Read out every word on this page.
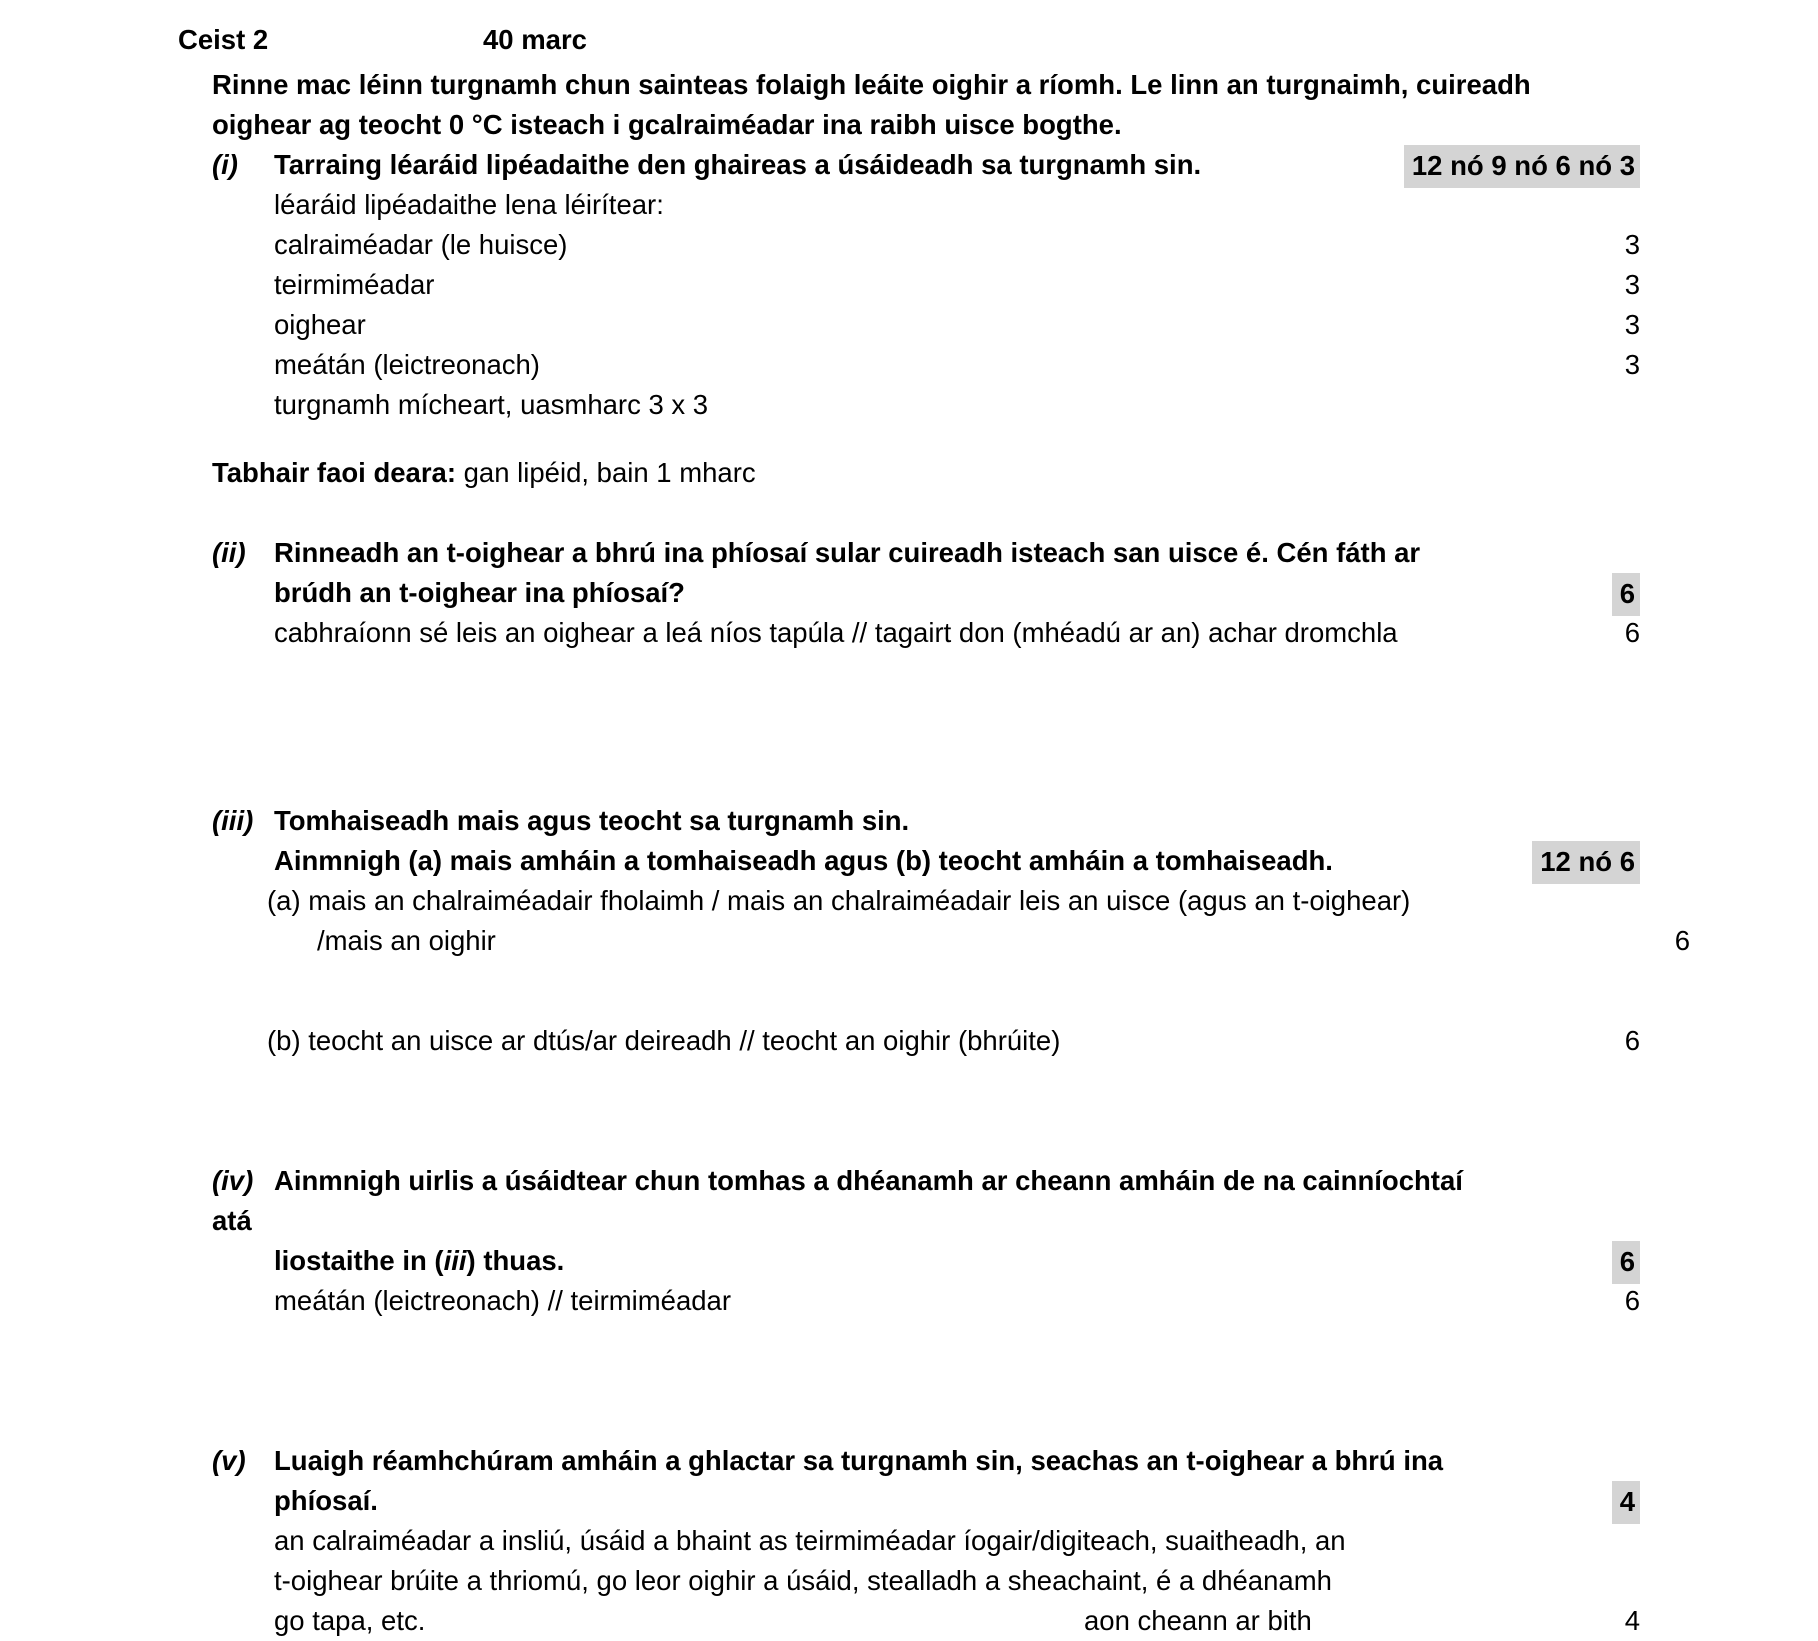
Ceist 2	40 marc
Rinne mac léinn turgnamh chun sainteas folaigh leáite oighir a ríomh. Le linn an turgnaimh, cuireadh
oighear ag teocht 0 °C isteach i gcalraiméadar ina raibh uisce bogthe.
(i)	Tarraing léaráid lipéadaithe den ghaireas a úsáideadh sa turgnamh sin.	12 nó 9 nó 6 nó 3
léaráid lipéadaithe lena léirítear:
calraiméadar (le huisce)	3
teirmiméadar	3
oighear	3
meátán (leictreonach)	3
turgnamh mícheart, uasmharc 3 x 3
Tabhair faoi deara: gan lipéid, bain 1 mharc
(ii)	Rinneadh an t-oighear a bhrú ina phíosaí sular cuireadh isteach san uisce é. Cén fáth ar
brúdh an t-oighear ina phíosaí?	6
cabhraíonn sé leis an oighear a leá níos tapúla // tagairt don (mhéadú ar an) achar dromchla	6
(iii) Tomhaiseadh mais agus teocht sa turgnamh sin.
Ainmnigh (a) mais amháin a tomhaiseadh agus (b) teocht amháin a tomhaiseadh.	12 nó 6
(a) mais an chalraiméadair fholaimh / mais an chalraiméadair leis an uisce (agus an t-oighear)
/mais an oighir	6
(b) teocht an uisce ar dtús/ar deireadh // teocht an oighir (bhrúite)	6
(iv) Ainmnigh uirlis a úsáidtear chun tomhas a dhéanamh ar cheann amháin de na cainníochtaí atá
liostaithe in (iii) thuas.	6
meátán (leictreonach) // teirmiméadar	6
(v)	Luaigh réamhchúram amháin a ghlactar sa turgnamh sin, seachas an t-oighear a bhrú ina
phíosaí.	4
an calraiméadar a insliú, úsáid a bhaint as teirmiméadar íogair/digiteach, suaitheadh, an
t-oighear brúite a thriomú, go leor oighir a úsáid, stealladh a sheachaint, é a dhéanamh
go tapa, etc.	aon cheann ar bith	4
